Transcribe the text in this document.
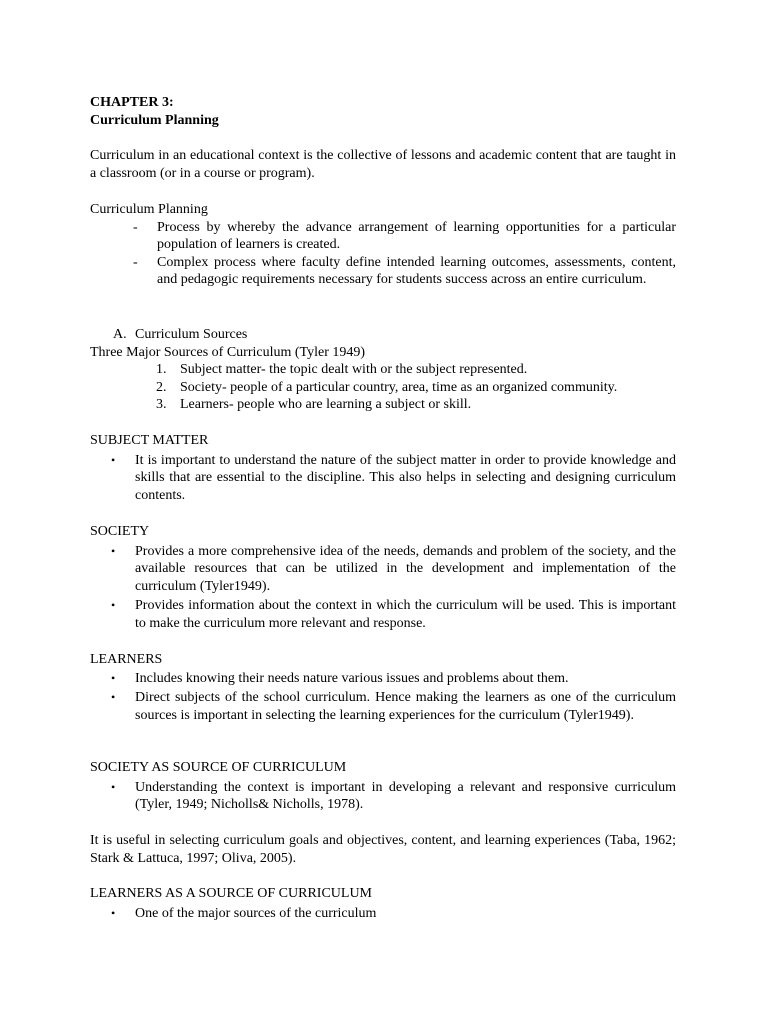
CHAPTER 3:

Curriculum Planning

Curriculum in an educational context is the collective of lessons and academic content that are taught in a classroom (or in a course or program).

Curriculum Planning

- Process by whereby the advance arrangement of learning opportunities for a particular population of learners is created.

- Complex process where faculty define intended learning outcomes, assessments, content, and pedagogic requirements necessary for students success across an entire curriculum.

A. Curriculum Sources

Three Major Sources of Curriculum (Tyler 1949)

1. Subject matter- the topic dealt with or the subject represented.

2. Society- people of a particular country, area, time as an organized community.

3. Learners- people who are learning a subject or skill.

SUBJECT MATTER

• It is important to understand the nature of the subject matter in order to provide knowledge and skills that are essential to the discipline. This also helps in selecting and designing curriculum contents.

SOCIETY

• Provides a more comprehensive idea of the needs, demands and problem of the society, and the available resources that can be utilized in the development and implementation of the curriculum (Tyler1949).

• Provides information about the context in which the curriculum will be used. This is important to make the curriculum more relevant and response.

LEARNERS

• Includes knowing their needs nature various issues and problems about them.

• Direct subjects of the school curriculum. Hence making the learners as one of the curriculum sources is important in selecting the learning experiences for the curriculum (Tyler1949).

SOCIETY AS SOURCE OF CURRICULUM

• Understanding the context is important in developing a relevant and responsive curriculum (Tyler, 1949; Nicholls& Nicholls, 1978).

It is useful in selecting curriculum goals and objectives, content, and learning experiences (Taba, 1962; Stark & Lattuca, 1997; Oliva, 2005).

LEARNERS AS A SOURCE OF CURRICULUM

• One of the major sources of the curriculum
